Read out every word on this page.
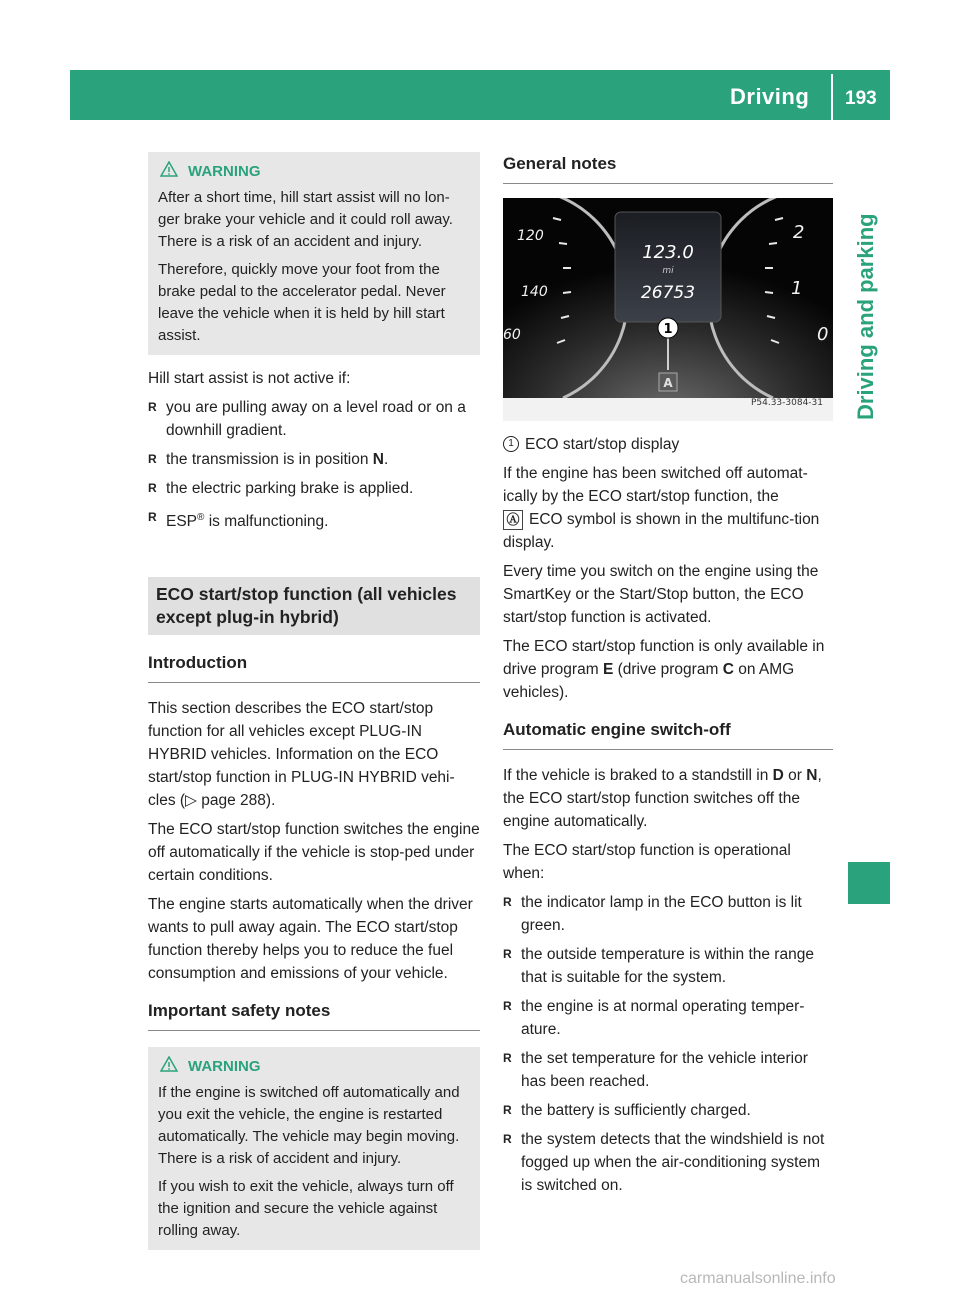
Driving 193
Driving and parking
WARNING

After a short time, hill start assist will no lon-ger brake your vehicle and it could roll away. There is a risk of an accident and injury.

Therefore, quickly move your foot from the brake pedal to the accelerator pedal. Never leave the vehicle when it is held by hill start assist.

Hill start assist is not active if:

R you are pulling away on a level road or on a downhill gradient.
R the transmission is in position N.
R the electric parking brake is applied.
R ESP® is malfunctioning.
ECO start/stop function (all vehicles except plug-in hybrid)
Introduction

This section describes the ECO start/stop function for all vehicles except PLUG-IN HYBRID vehicles. Information on the ECO start/stop function in PLUG-IN HYBRID vehi-cles (▷ page 288).

The ECO start/stop function switches the engine off automatically if the vehicle is stop-ped under certain conditions.

The engine starts automatically when the driver wants to pull away again. The ECO start/stop function thereby helps you to reduce the fuel consumption and emissions of your vehicle.

Important safety notes
WARNING

If the engine is switched off automatically and you exit the vehicle, the engine is restarted automatically. The vehicle may begin moving. There is a risk of accident and injury.

If you wish to exit the vehicle, always turn off the ignition and secure the vehicle against rolling away.

General notes
120
140
60
2
1
0
123.0
mi
26753
1
A
P54.33-3084-31

1 ECO start/stop display

If the engine has been switched off automat-ically by the ECO start/stop function, the
Ⓐ ECO symbol is shown in the multifunc-tion display.

Every time you switch on the engine using the SmartKey or the Start/Stop button, the ECO start/stop function is activated.

The ECO start/stop function is only available in drive program E (drive program C on AMG vehicles).

Automatic engine switch-off

If the vehicle is braked to a standstill in D or N, the ECO start/stop function switches off the engine automatically.

The ECO start/stop function is operational when:

R the indicator lamp in the ECO button is lit green.
R the outside temperature is within the range that is suitable for the system.
R the engine is at normal operating temper-ature.
R the set temperature for the vehicle interior has been reached.
R the battery is sufficiently charged.
R the system detects that the windshield is not fogged up when the air-conditioning system is switched on.
carmanualsonline.info
